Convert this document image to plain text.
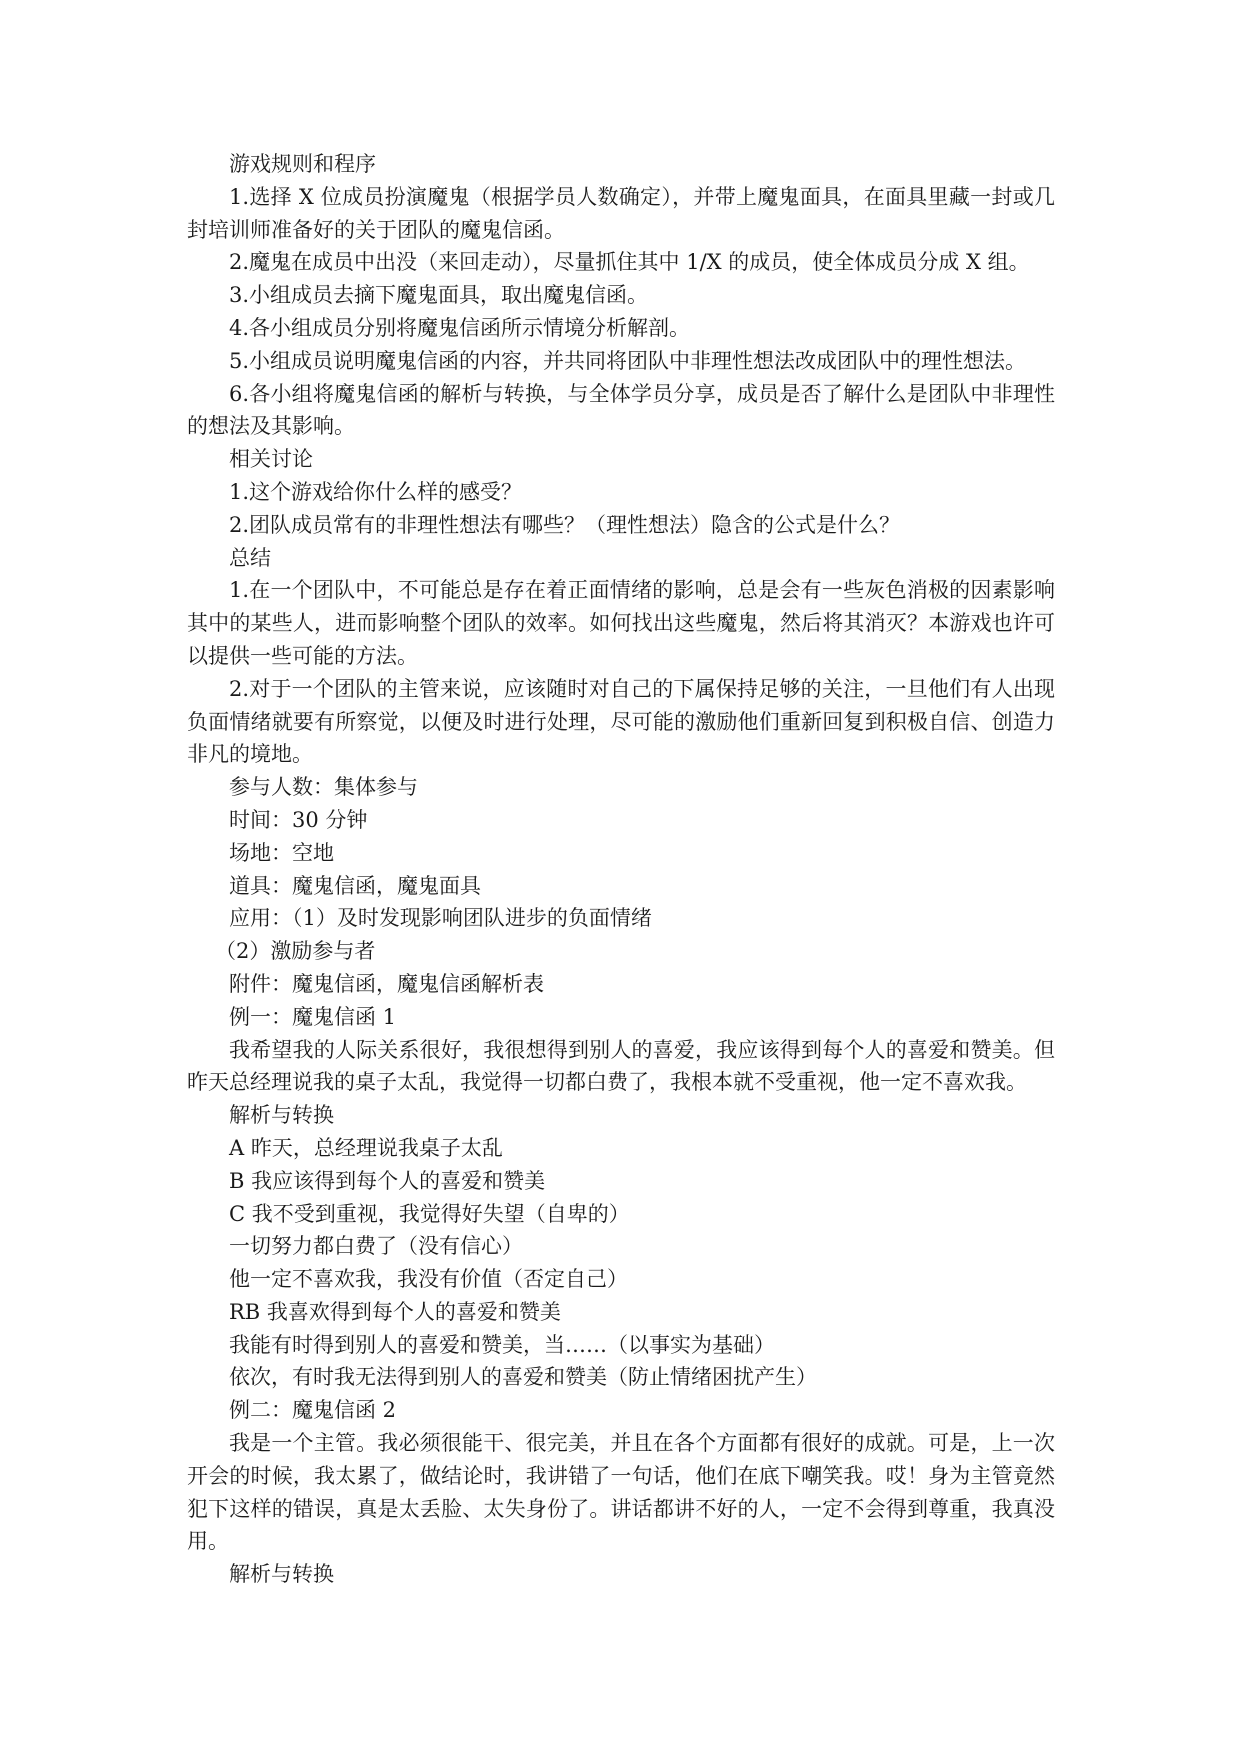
游戏规则和程序

1.选择 X 位成员扮演魔鬼（根据学员人数确定），并带上魔鬼面具，在面具里藏一封或几封培训师准备好的关于团队的魔鬼信函。

2.魔鬼在成员中出没（来回走动），尽量抓住其中 1/X 的成员，使全体成员分成 X 组。

3.小组成员去摘下魔鬼面具，取出魔鬼信函。

4.各小组成员分别将魔鬼信函所示情境分析解剖。

5.小组成员说明魔鬼信函的内容，并共同将团队中非理性想法改成团队中的理性想法。

6.各小组将魔鬼信函的解析与转换，与全体学员分享，成员是否了解什么是团队中非理性的想法及其影响。

相关讨论

1.这个游戏给你什么样的感受？

2.团队成员常有的非理性想法有哪些？（理性想法）隐含的公式是什么？

总结

1.在一个团队中，不可能总是存在着正面情绪的影响，总是会有一些灰色消极的因素影响其中的某些人，进而影响整个团队的效率。如何找出这些魔鬼，然后将其消灭？本游戏也许可以提供一些可能的方法。

2.对于一个团队的主管来说，应该随时对自己的下属保持足够的关注，一旦他们有人出现负面情绪就要有所察觉，以便及时进行处理，尽可能的激励他们重新回复到积极自信、创造力非凡的境地。

参与人数：集体参与

时间：30 分钟

场地：空地

道具：魔鬼信函，魔鬼面具

应用：（1）及时发现影响团队进步的负面情绪

（2）激励参与者

附件：魔鬼信函，魔鬼信函解析表

例一：魔鬼信函 1

我希望我的人际关系很好，我很想得到别人的喜爱，我应该得到每个人的喜爱和赞美。但昨天总经理说我的桌子太乱，我觉得一切都白费了，我根本就不受重视，他一定不喜欢我。

解析与转换

A 昨天，总经理说我桌子太乱

B 我应该得到每个人的喜爱和赞美

C 我不受到重视，我觉得好失望（自卑的）

一切努力都白费了（没有信心）

他一定不喜欢我，我没有价值（否定自己）

RB 我喜欢得到每个人的喜爱和赞美

我能有时得到别人的喜爱和赞美，当……（以事实为基础）

依次，有时我无法得到别人的喜爱和赞美（防止情绪困扰产生）

例二：魔鬼信函 2

我是一个主管。我必须很能干、很完美，并且在各个方面都有很好的成就。可是，上一次开会的时候，我太累了，做结论时，我讲错了一句话，他们在底下嘲笑我。哎！身为主管竟然犯下这样的错误，真是太丢脸、太失身份了。讲话都讲不好的人，一定不会得到尊重，我真没用。

解析与转换
